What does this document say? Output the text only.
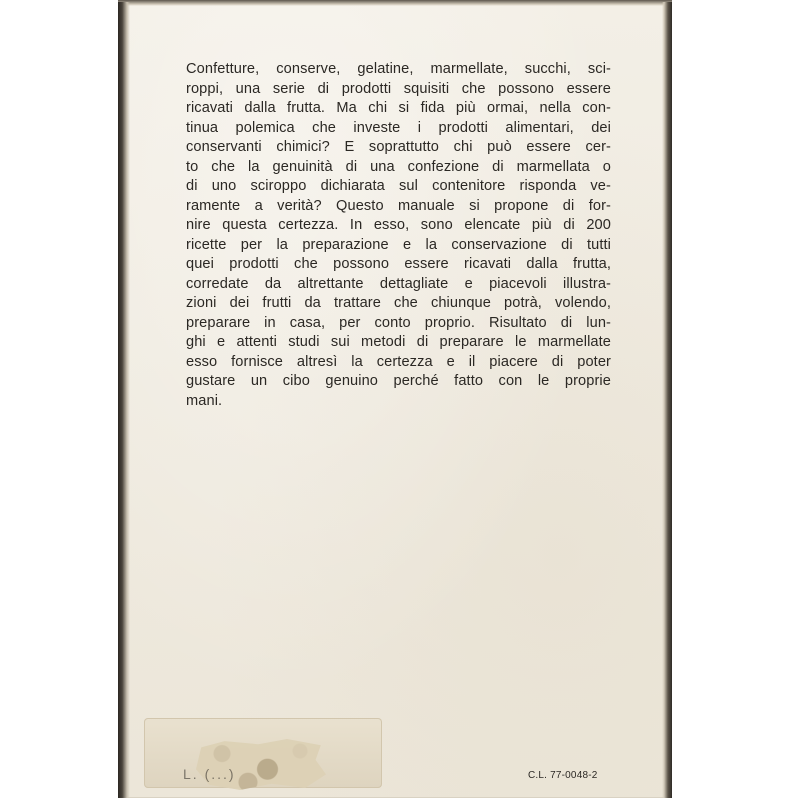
Confetture, conserve, gelatine, marmellate, succhi, sci-
roppi, una serie di prodotti squisiti che possono essere
ricavati dalla frutta. Ma chi si fida più ormai, nella con-
tinua polemica che investe i prodotti alimentari, dei
conservanti chimici? E soprattutto chi può essere cer-
to che la genuinità di una confezione di marmellata o
di uno sciroppo dichiarata sul contenitore risponda ve-
ramente a verità? Questo manuale si propone di for-
nire questa certezza. In esso, sono elencate più di 200
ricette per la preparazione e la conservazione di tutti
quei prodotti che possono essere ricavati dalla frutta,
corredate da altrettante dettagliate e piacevoli illustra-
zioni dei frutti da trattare che chiunque potrà, volendo,
preparare in casa, per conto proprio. Risultato di lun-
ghi e attenti studi sui metodi di preparare le marmellate
esso fornisce altresì la certezza e il piacere di poter
gustare un cibo genuino perché fatto con le proprie
mani.

L. (...)	C.L. 77-0048-2
